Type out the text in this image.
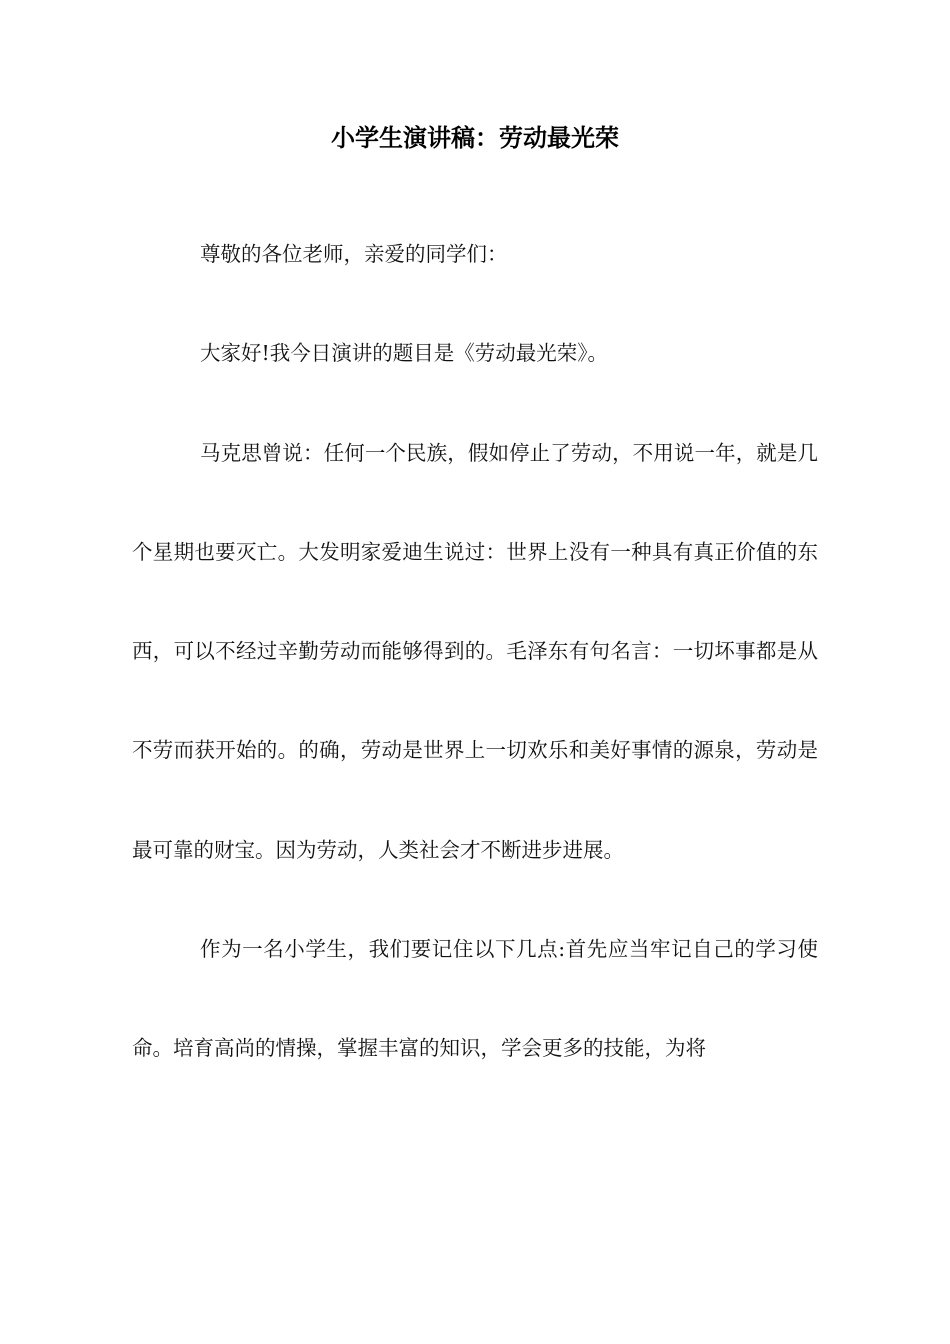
小学生演讲稿：劳动最光荣

尊敬的各位老师，亲爱的同学们：

大家好!我今日演讲的题目是《劳动最光荣》。

马克思曾说：任何一个民族，假如停止了劳动，不用说一年，就是几个星期也要灭亡。大发明家爱迪生说过：世界上没有一种具有真正价值的东西，可以不经过辛勤劳动而能够得到的。毛泽东有句名言：一切坏事都是从不劳而获开始的。的确，劳动是世界上一切欢乐和美好事情的源泉，劳动是最可靠的财宝。因为劳动，人类社会才不断进步进展。

作为一名小学生，我们要记住以下几点:首先应当牢记自己的学习使命。培育高尚的情操，掌握丰富的知识，学会更多的技能，为将
